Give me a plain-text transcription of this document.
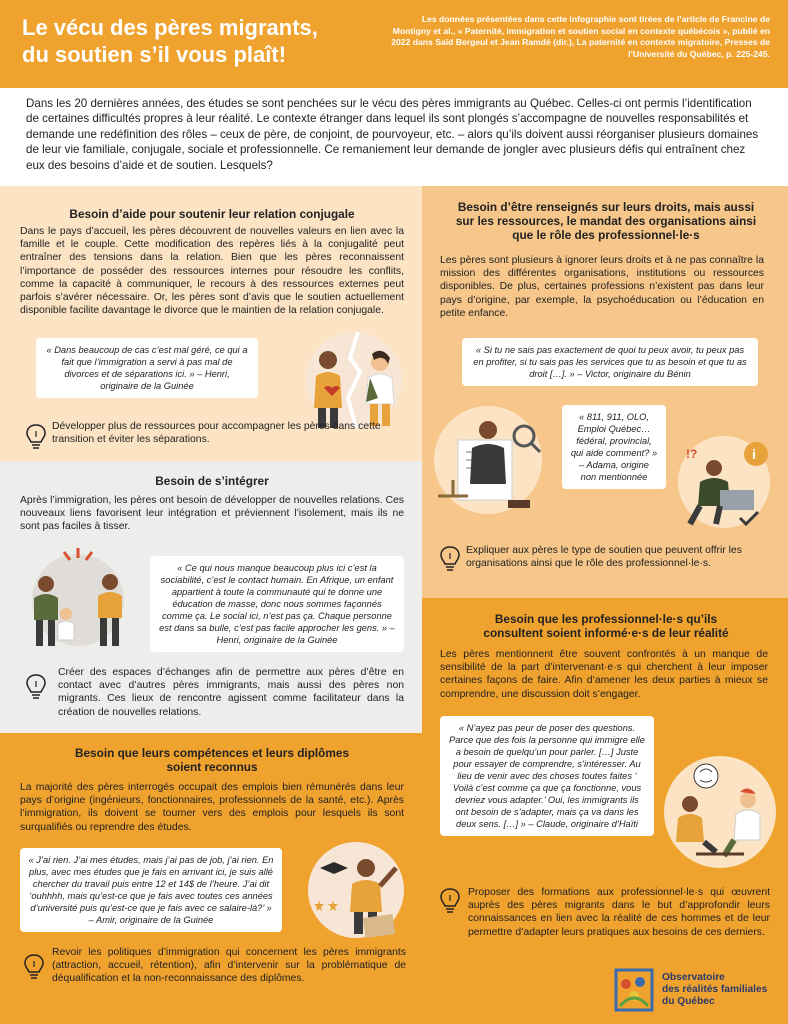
Le vécu des pères migrants,
du soutien s’il vous plaît!
Les données présentées dans cette infographie sont tirées de l’article de Francine de Montigny et al., « Paternité, immigration et soutien social en contexte québécois », publié en 2022 dans Saïd Bergeul et Jean Ramdé (dir.), La paternité en contexte migratoire, Presses de l’Université du Québec, p. 225-245.
Dans les 20 dernières années, des études se sont penchées sur le vécu des pères immigrants au Québec. Celles-ci ont permis l’identification de certaines difficultés propres à leur réalité. Le contexte étranger dans lequel ils sont plongés s’accompagne de nouvelles responsabilités et demande une redéfinition des rôles – ceux de père, de conjoint, de pourvoyeur, etc. – alors qu’ils doivent aussi réorganiser plusieurs domaines de leur vie familiale, conjugale, sociale et professionnelle. Ce remaniement leur demande de jongler avec plusieurs défis qui entraînent chez eux des besoins d’aide et de soutien. Lesquels?
Besoin d’aide pour soutenir leur relation conjugale
Dans le pays d’accueil, les pères découvrent de nouvelles valeurs en lien avec la famille et le couple. Cette modification des repères liés à la conjugalité peut entraîner des tensions dans la relation. Bien que les pères reconnaissent l’importance de posséder des ressources internes pour résoudre les conflits, comme la capacité à communiquer, le recours à des ressources externes peut parfois s’avérer nécessaire. Or, les pères sont d’avis que le soutien actuellement disponible facilite davantage le divorce que le maintien de la relation conjugale.
« Dans beaucoup de cas c’est mal géré, ce qui a fait que l’immigration a servi à pas mal de divorces et de séparations ici. » – Henri, originaire de la Guinée
Développer plus de ressources pour accompagner les pères dans cette transition et éviter les séparations.
Besoin de s’intégrer
Après l’immigration, les pères ont besoin de développer de nouvelles relations. Ces nouveaux liens favorisent leur intégration et préviennent l’isolement, mais ils ne sont pas faciles à tisser.
« Ce qui nous manque beaucoup plus ici c’est la sociabilité, c’est le contact humain. En Afrique, un enfant appartient à toute la communauté qui te donne une éducation de masse, donc nous sommes façonnés comme ça. Le social ici, n’est pas ça. Chaque personne est dans sa bulle, c’est pas facile approcher les gens. » – Henri, originaire de la Guinée
Créer des espaces d’échanges afin de permettre aux pères d’être en contact avec d’autres pères immigrants, mais aussi des pères non migrants. Ces lieux de rencontre agissent comme facilitateur dans la création de nouvelles relations.
Besoin que leurs compétences et leurs diplômes
soient reconnus
La majorité des pères interrogés occupait des emplois bien rémunérés dans leur pays d’origine (ingénieurs, fonctionnaires, professionnels de la santé, etc.). Après l’immigration, ils doivent se tourner vers des emplois pour lesquels ils sont surqualifiés ou reprendre des études.
« J’ai rien. J’ai mes études, mais j’ai pas de job, j’ai rien. En plus, avec mes études que je fais en arrivant ici, je suis allé chercher du travail puis entre 12 et 14$ de l’heure. J’ai dit ‘ouhhhh, mais qu’est-ce que je fais avec toutes ces années d’université puis qu’est-ce que je fais avec ce salaire-là?’ » – Amir, originaire de la Guinée
Revoir les politiques d’immigration qui concernent les pères immigrants (attraction, accueil, rétention), afin d’intervenir sur la problématique de déqualification et la non-reconnaissance des diplômes.
Besoin d’être renseignés sur leurs droits, mais aussi
sur les ressources, le mandat des organisations ainsi
que le rôle des professionnel·le·s
Les pères sont plusieurs à ignorer leurs droits et à ne pas connaître la mission des différentes organisations, institutions ou ressources disponibles. De plus, certaines professions n’existent pas dans leur pays d’origine, par exemple, la psychoéducation ou l’éducation en petite enfance.
« Si tu ne sais pas exactement de quoi tu peux avoir, tu peux pas en profiter, si tu sais pas les services que tu as besoin et que tu as droit […]. » – Victor, originaire du Bénin
« 811, 911, OLO, Emploi Québec… fédéral, provincial, qui aide comment? » – Adama, origine non mentionnée
i
!?
Expliquer aux pères le type de soutien que peuvent offrir les organisations ainsi que le rôle des professionnel·le·s.
Besoin que les professionnel·le·s qu’ils
consultent soient informé·e·s de leur réalité
Les pères mentionnent être souvent confrontés à un manque de sensibilité de la part d’intervenant·e·s qui cherchent à leur imposer certaines façons de faire. Afin d’amener les deux parties à mieux se comprendre, une discussion doit s’engager.
« N’ayez pas peur de poser des questions. Parce que des fois la personne qui immigre elle a besoin de quelqu’un pour parler. […] Juste pour essayer de comprendre, s’intéresser. Au lieu de venir avec des choses toutes faites ‘ Voilà c’est comme ça que ça fonctionne, vous devriez vous adapter.’ Oui, les immigrants ils ont besoin de s’adapter, mais ça va dans les deux sens. […] » – Claude, originaire d’Haïti
Proposer des formations aux professionnel·le·s qui œuvrent auprès des pères migrants dans le but d’approfondir leurs connaissances en lien avec la réalité de ces hommes et de leur permettre d’adapter leurs pratiques aux besoins de ces derniers.
Observatoire
des réalités familiales
du Québec
